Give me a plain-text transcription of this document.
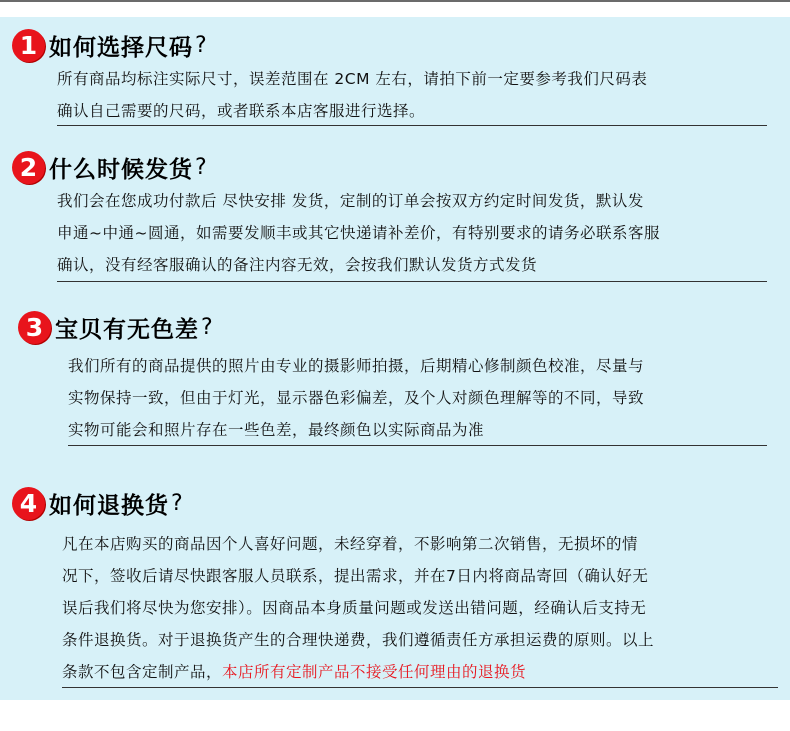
1 如何选择尺码 ?
所有商品均标注实际尺寸，误差范围在 2CM 左右，请拍下前一定要参考我们尺码表
确认自己需要的尺码，或者联系本店客服进行选择。
2 什么时候发货 ?
我们会在您成功付款后 尽快安排 发货，定制的订单会按双方约定时间发货，默认发
申通~中通~圆通，如需要发顺丰或其它快递请补差价，有特别要求的请务必联系客服
确认，没有经客服确认的备注内容无效，会按我们默认发货方式发货
3 宝贝有无色差 ?
我们所有的商品提供的照片由专业的摄影师拍摄，后期精心修制颜色校准，尽量与
实物保持一致，但由于灯光，显示器色彩偏差，及个人对颜色理解等的不同，导致
实物可能会和照片存在一些色差，最终颜色以实际商品为准
4 如何退换货 ?
凡在本店购买的商品因个人喜好问题，未经穿着，不影响第二次销售，无损坏的情
况下，签收后请尽快跟客服人员联系，提出需求，并在7日内将商品寄回（确认好无
误后我们将尽快为您安排）。因商品本身质量问题或发送出错问题，经确认后支持无
条件退换货。对于退换货产生的合理快递费，我们遵循责任方承担运费的原则。以上
条款不包含定制产品，本店所有定制产品不接受任何理由的退换货
